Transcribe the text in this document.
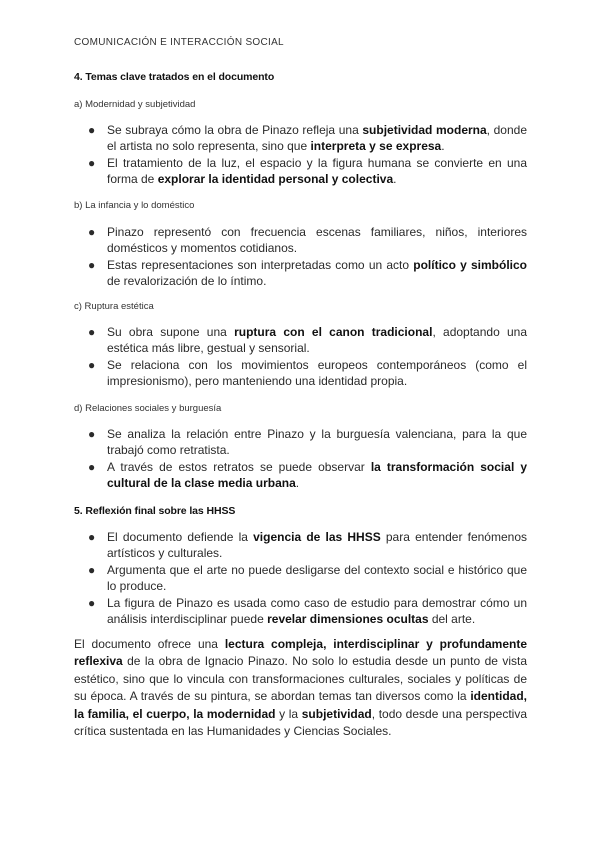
COMUNICACIÓN E INTERACCIÓN SOCIAL
4. Temas clave tratados en el documento
a) Modernidad y subjetividad
● Se subraya cómo la obra de Pinazo refleja una subjetividad moderna, donde el artista no solo representa, sino que interpreta y se expresa.
● El tratamiento de la luz, el espacio y la figura humana se convierte en una forma de explorar la identidad personal y colectiva.
b) La infancia y lo doméstico
● Pinazo representó con frecuencia escenas familiares, niños, interiores domésticos y momentos cotidianos.
● Estas representaciones son interpretadas como un acto político y simbólico de revalorización de lo íntimo.
c) Ruptura estética
● Su obra supone una ruptura con el canon tradicional, adoptando una estética más libre, gestual y sensorial.
● Se relaciona con los movimientos europeos contemporáneos (como el impresionismo), pero manteniendo una identidad propia.
d) Relaciones sociales y burguesía
● Se analiza la relación entre Pinazo y la burguesía valenciana, para la que trabajó como retratista.
● A través de estos retratos se puede observar la transformación social y cultural de la clase media urbana.
5. Reflexión final sobre las HHSS
● El documento defiende la vigencia de las HHSS para entender fenómenos artísticos y culturales.
● Argumenta que el arte no puede desligarse del contexto social e histórico que lo produce.
● La figura de Pinazo es usada como caso de estudio para demostrar cómo un análisis interdisciplinar puede revelar dimensiones ocultas del arte.
El documento ofrece una lectura compleja, interdisciplinar y profundamente reflexiva de la obra de Ignacio Pinazo. No solo lo estudia desde un punto de vista estético, sino que lo vincula con transformaciones culturales, sociales y políticas de su época. A través de su pintura, se abordan temas tan diversos como la identidad, la familia, el cuerpo, la modernidad y la subjetividad, todo desde una perspectiva crítica sustentada en las Humanidades y Ciencias Sociales.
